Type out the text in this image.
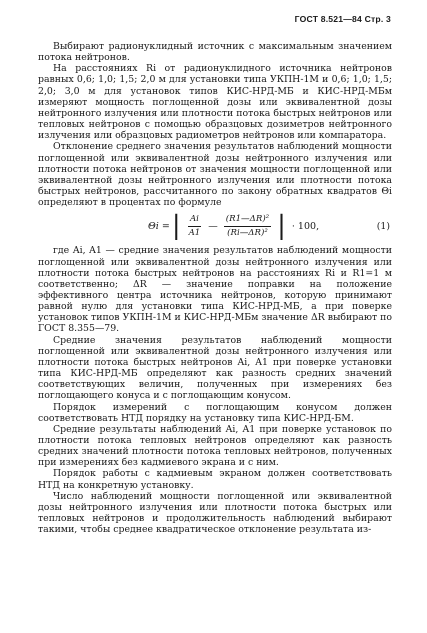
ГОСТ 8.521—84 Стр. 3

Выбирают радионуклидный источник с максимальным значением потока нейтронов.

На расстояниях Ri от радионуклидного источника нейтронов равных 0,6; 1,0; 1,5; 2,0 м для установки типа УКПН-1М и 0,6; 1,0; 1,5; 2,0; 3,0 м для установок типов КИС-НРД-МБ и КИС-НРД-МБм измеряют мощность поглощенной дозы или эквивалентной дозы нейтронного излучения или плотности потока быстрых нейтронов или тепловых нейтронов с помощью образцовых дозиметров нейтронного излучения или образцовых радиометров нейтронов или компаратора.

Отклонение среднего значения результатов наблюдений мощности поглощенной или эквивалентной дозы нейтронного излучения или плотности потока нейтронов от значения мощности поглощенной или эквивалентной дозы нейтронного излучения или плотности потока быстрых нейтронов, рассчитанного по закону обратных квадратов Θi определяют в процентах по формуле

Θi = | $\frac{Ai}{A1}$ — $\frac{\text{(R1—ΔR)²}}{\text{(Ri—ΔR)²}}$ | · 100,	(1)

где Ai, A1 — средние значения результатов наблюдений мощности поглощенной или эквивалентной дозы нейтронного излучения или плотности потока быстрых нейтронов на расстояниях Ri и R1=1 м соответственно; ΔR — значение поправки на положение эффективного центра источника нейтронов, которую принимают равной нулю для установки типа КИС-НРД-МБ, а при поверке установок типов УКПН-1М и КИС-НРД-МБм значение ΔR выбирают по ГОСТ 8.355—79.

Средние значения результатов наблюдений мощности поглощенной или эквивалентной дозы нейтронного излучения или плотности потока быстрых нейтронов Ai, A1 при поверке установки типа КИС-НРД-МБ определяют как разность средних значений соответствующих величин, полученных при измерениях без поглощающего конуса и с поглощающим конусом.

Порядок измерений с поглощающим конусом должен соответствовать НТД порядку на установку типа КИС-НРД-БМ.

Средние результаты наблюдений Ai, A1 при поверке установок по плотности потока тепловых нейтронов определяют как разность средних значений плотности потока тепловых нейтронов, полученных при измерениях без кадмиевого экрана и с ним.

Порядок работы с кадмиевым экраном должен соответствовать НТД на конкретную установку.

Число наблюдений мощности поглощенной или эквивалентной дозы нейтронного излучения или плотности потока быстрых или тепловых нейтронов и продолжительность наблюдений выбирают такими, чтобы среднее квадратическое отклонение результата из-
